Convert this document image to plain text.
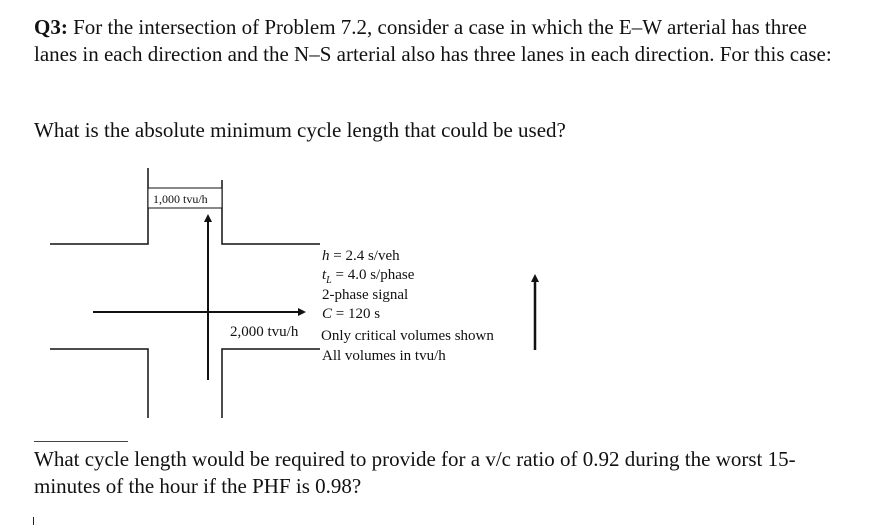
Q3: For the intersection of Problem 7.2, consider a case in which the E–W arterial has three lanes in each direction and the N–S arterial also has three lanes in each direction. For this case:

What is the absolute minimum cycle length that could be used?

1,000 tvu/h
h = 2.4 s/veh
$t_L = 4.0$ s/phase
2-phase signal
C = 120 s
2,000 tvu/h Only critical volumes shown
All volumes in tvu/h

What cycle length would be required to provide for a v/c ratio of 0.92 during the worst 15-minutes of the hour if the PHF is 0.98?
